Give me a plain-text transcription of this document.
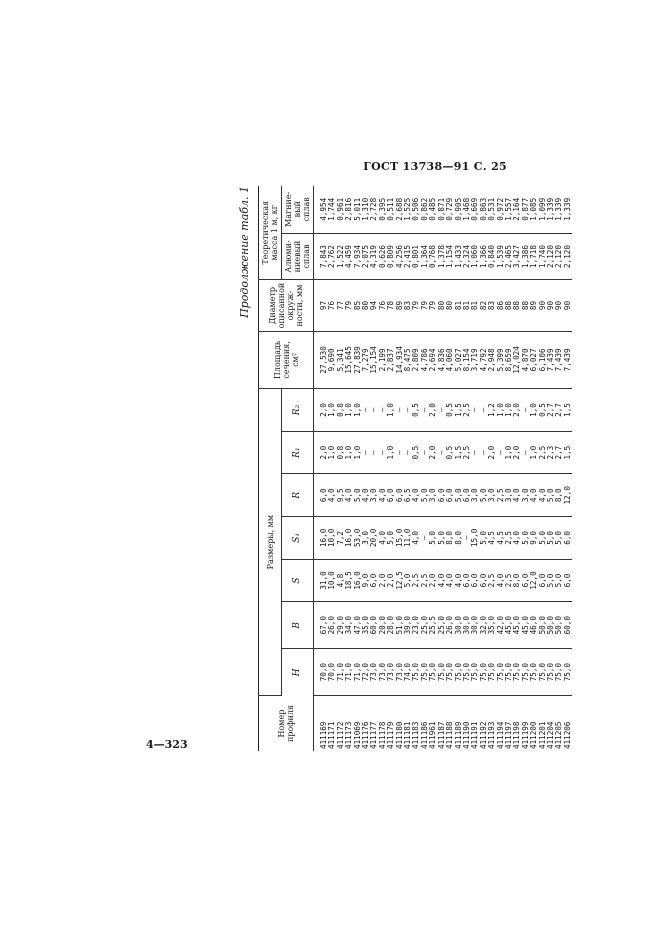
ГОСТ 13738—91 С. 25
4—323
Продолжение табл. 1
Номер профиля	Размеры, мм							Площадь сечения, см²	Диаметр описанной окруж-ности, мм	Теоретическая масса 1 м, кг	
	H	B	S	S₁	R	R₁	R₂			Алюми-ниевый сплав	Магние-вый сплав
411169	70,0	67,0	31,0	16,0	6,0	2,0	2,0	27,530	97	7,843	4,954
411171	70,0	26,0	10,0	10,0	4,0	1,0	1,0	9,690	76	2,762	1,744
411172	71,0	29,0	4,8	7,2	9,5	0,8	0,8	5,341	77	1,522	0,961
411173	71,0	34,0	18,5	16,0	4,0	1,0	1,0	15,645	79	4,459	2,816
411069	71,0	47,0	16,0	53,0	5,0	1,0	1,0	27,839	85	7,934	5,011
411176	72,0	35,0	9,0	3,0	4,0	—	—	7,279	80	2,075	1,310
411177	73,0	60,0	6,0	20,0	3,0	—	—	15,154	94	4,319	2,728
411178	73,0	20,0	2,0	4,0	4,0	—	—	2,199	76	0,626	0,395
411179	73,0	28,0	2,0	5,0	6,0	1,0	1,0	2,837	78	0,809	0,511
411180	73,0	51,0	12,5	15,0	6,0	—	—	14,934	89	4,256	2,688
411181	74,0	39,0	5,0	11,0	6,5	—	—	8,475	83	2,415	1,525
411183	75,0	23,0	2,5	4,0	4,0	0,5	0,5	2,809	79	0,801	0,506
411186	75,0	25,0	2,5	—	5,0	—	—	4,786	79	1,364	0,862
411961	75,0	25,5	2,0	5,0	3,0	2,0	2,0	2,694	79	0,768	0,485
411187	75,0	25,0	4,0	5,0	6,0	—	—	4,836	80	1,378	0,871
411188	75,0	26,0	4,0	8,0	6,0	0,5	0,5	4,060	80	1,154	0,729
411189	75,0	30,0	4,0	8,0	5,0	1,5	1,5	5,027	81	1,433	0,905
411190	75,0	30,0	6,0	—	6,0	2,5	2,5	8,154	81	2,324	1,468
411191	75,0	30,0	6,0	15,0	3,0	—	—	3,719	81	1,060	0,669
411192	75,0	32,0	6,0	5,0	5,0	—	—	4,792	82	1,366	0,863
411193	75,0	35,0	2,5	4,5	3,0	2,0	1,2	2,948	83	0,840	0,531
411194	75,0	42,0	4,0	4,5	2,5	—	1,0	5,399	86	1,539	0,972
411197	75,0	45,0	2,5	2,5	3,0	1,0	1,0	8,659	88	2,465	1,557
411198	75,0	45,0	8,0	4,0	4,0	2,0	2,0	12,024	88	3,427	2,164
411199	75,0	45,0	6,0	5,0	3,0	—	—	4,870	88	1,386	0,877
411200	75,0	46,0	12,0	9,0	4,0	1,0	1,0	6,027	89	1,718	1,085
411201	75,0	50,0	6,0	5,0	4,0	2,5	0,5	6,106	90	1,740	1,099
411204	75,0	50,0	5,0	5,0	5,0	2,3	2,7	7,439	90	2,120	1,339
411205	75,0	50,0	5,0	5,0	8,0	2,7	2,7	7,439	90	2,120	1,339
411206	75,0	60,0	6,0	6,0	12,0	1,5	1,5	7,439	90	2,120	1,339
